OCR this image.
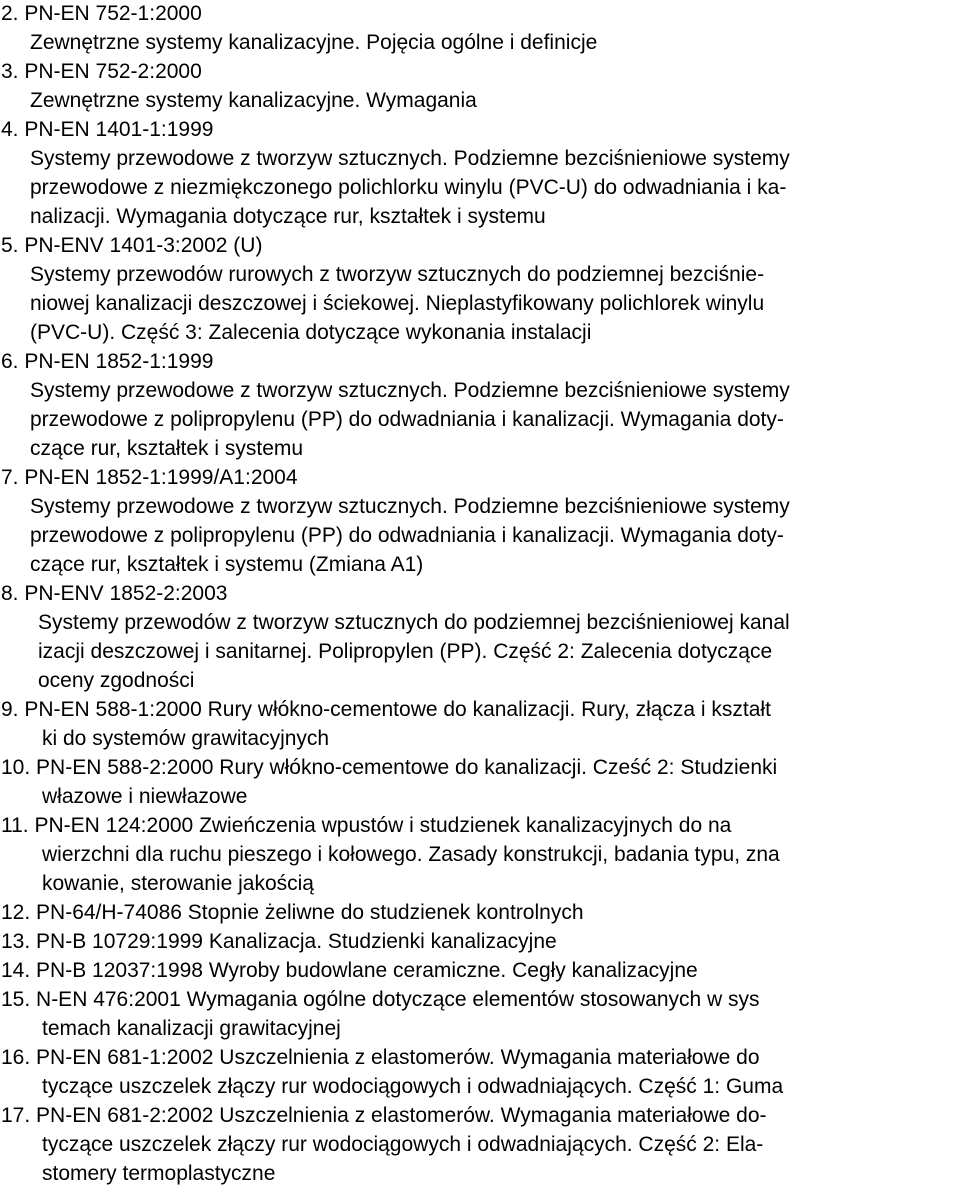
2. PN-EN 752-1:2000
Zewnętrzne systemy kanalizacyjne. Pojęcia ogólne i definicje
3. PN-EN 752-2:2000
Zewnętrzne systemy kanalizacyjne. Wymagania
4. PN-EN 1401-1:1999
Systemy przewodowe z tworzyw sztucznych. Podziemne bezciśnieniowe systemy
przewodowe z niezmiękczonego polichlorku winylu (PVC-U) do odwadniania i ka-
nalizacji. Wymagania dotyczące rur, kształtek i systemu
5. PN-ENV 1401-3:2002 (U)
Systemy przewodów rurowych z tworzyw sztucznych do podziemnej bezciśnie-
niowej kanalizacji deszczowej i ściekowej. Nieplastyfikowany polichlorek winylu
(PVC-U). Część 3: Zalecenia dotyczące wykonania instalacji
6. PN-EN 1852-1:1999
Systemy przewodowe z tworzyw sztucznych. Podziemne bezciśnieniowe systemy
przewodowe z polipropylenu (PP) do odwadniania i kanalizacji. Wymagania doty-
czące rur, kształtek i systemu
7. PN-EN 1852-1:1999/A1:2004
Systemy przewodowe z tworzyw sztucznych. Podziemne bezciśnieniowe systemy
przewodowe z polipropylenu (PP) do odwadniania i kanalizacji. Wymagania doty-
czące rur, kształtek i systemu (Zmiana A1)
8. PN-ENV 1852-2:2003
Systemy przewodów z tworzyw sztucznych do podziemnej bezciśnieniowej kanal
izacji deszczowej i sanitarnej. Polipropylen (PP). Część 2: Zalecenia dotyczące
oceny zgodności
9. PN-EN 588-1:2000 Rury włókno-cementowe do kanalizacji. Rury, złącza i kształt
ki do systemów grawitacyjnych
10. PN-EN 588-2:2000 Rury włókno-cementowe do kanalizacji. Cześć 2: Studzienki
włazowe i niewłazowe
11. PN-EN 124:2000 Zwieńczenia wpustów i studzienek kanalizacyjnych do na
wierzchni dla ruchu pieszego i kołowego. Zasady konstrukcji, badania typu, zna
kowanie, sterowanie jakością
12. PN-64/H-74086 Stopnie żeliwne do studzienek kontrolnych
13. PN-B 10729:1999 Kanalizacja. Studzienki kanalizacyjne
14. PN-B 12037:1998 Wyroby budowlane ceramiczne. Cegły kanalizacyjne
15. N-EN 476:2001 Wymagania ogólne dotyczące elementów stosowanych w sys
temach kanalizacji grawitacyjnej
16. PN-EN 681-1:2002 Uszczelnienia z elastomerów. Wymagania materiałowe do
tyczące uszczelek złączy rur wodociągowych i odwadniających. Część 1: Guma
17. PN-EN 681-2:2002 Uszczelnienia z elastomerów. Wymagania materiałowe do-
tyczące uszczelek złączy rur wodociągowych i odwadniających. Część 2: Ela-
stomery termoplastyczne
